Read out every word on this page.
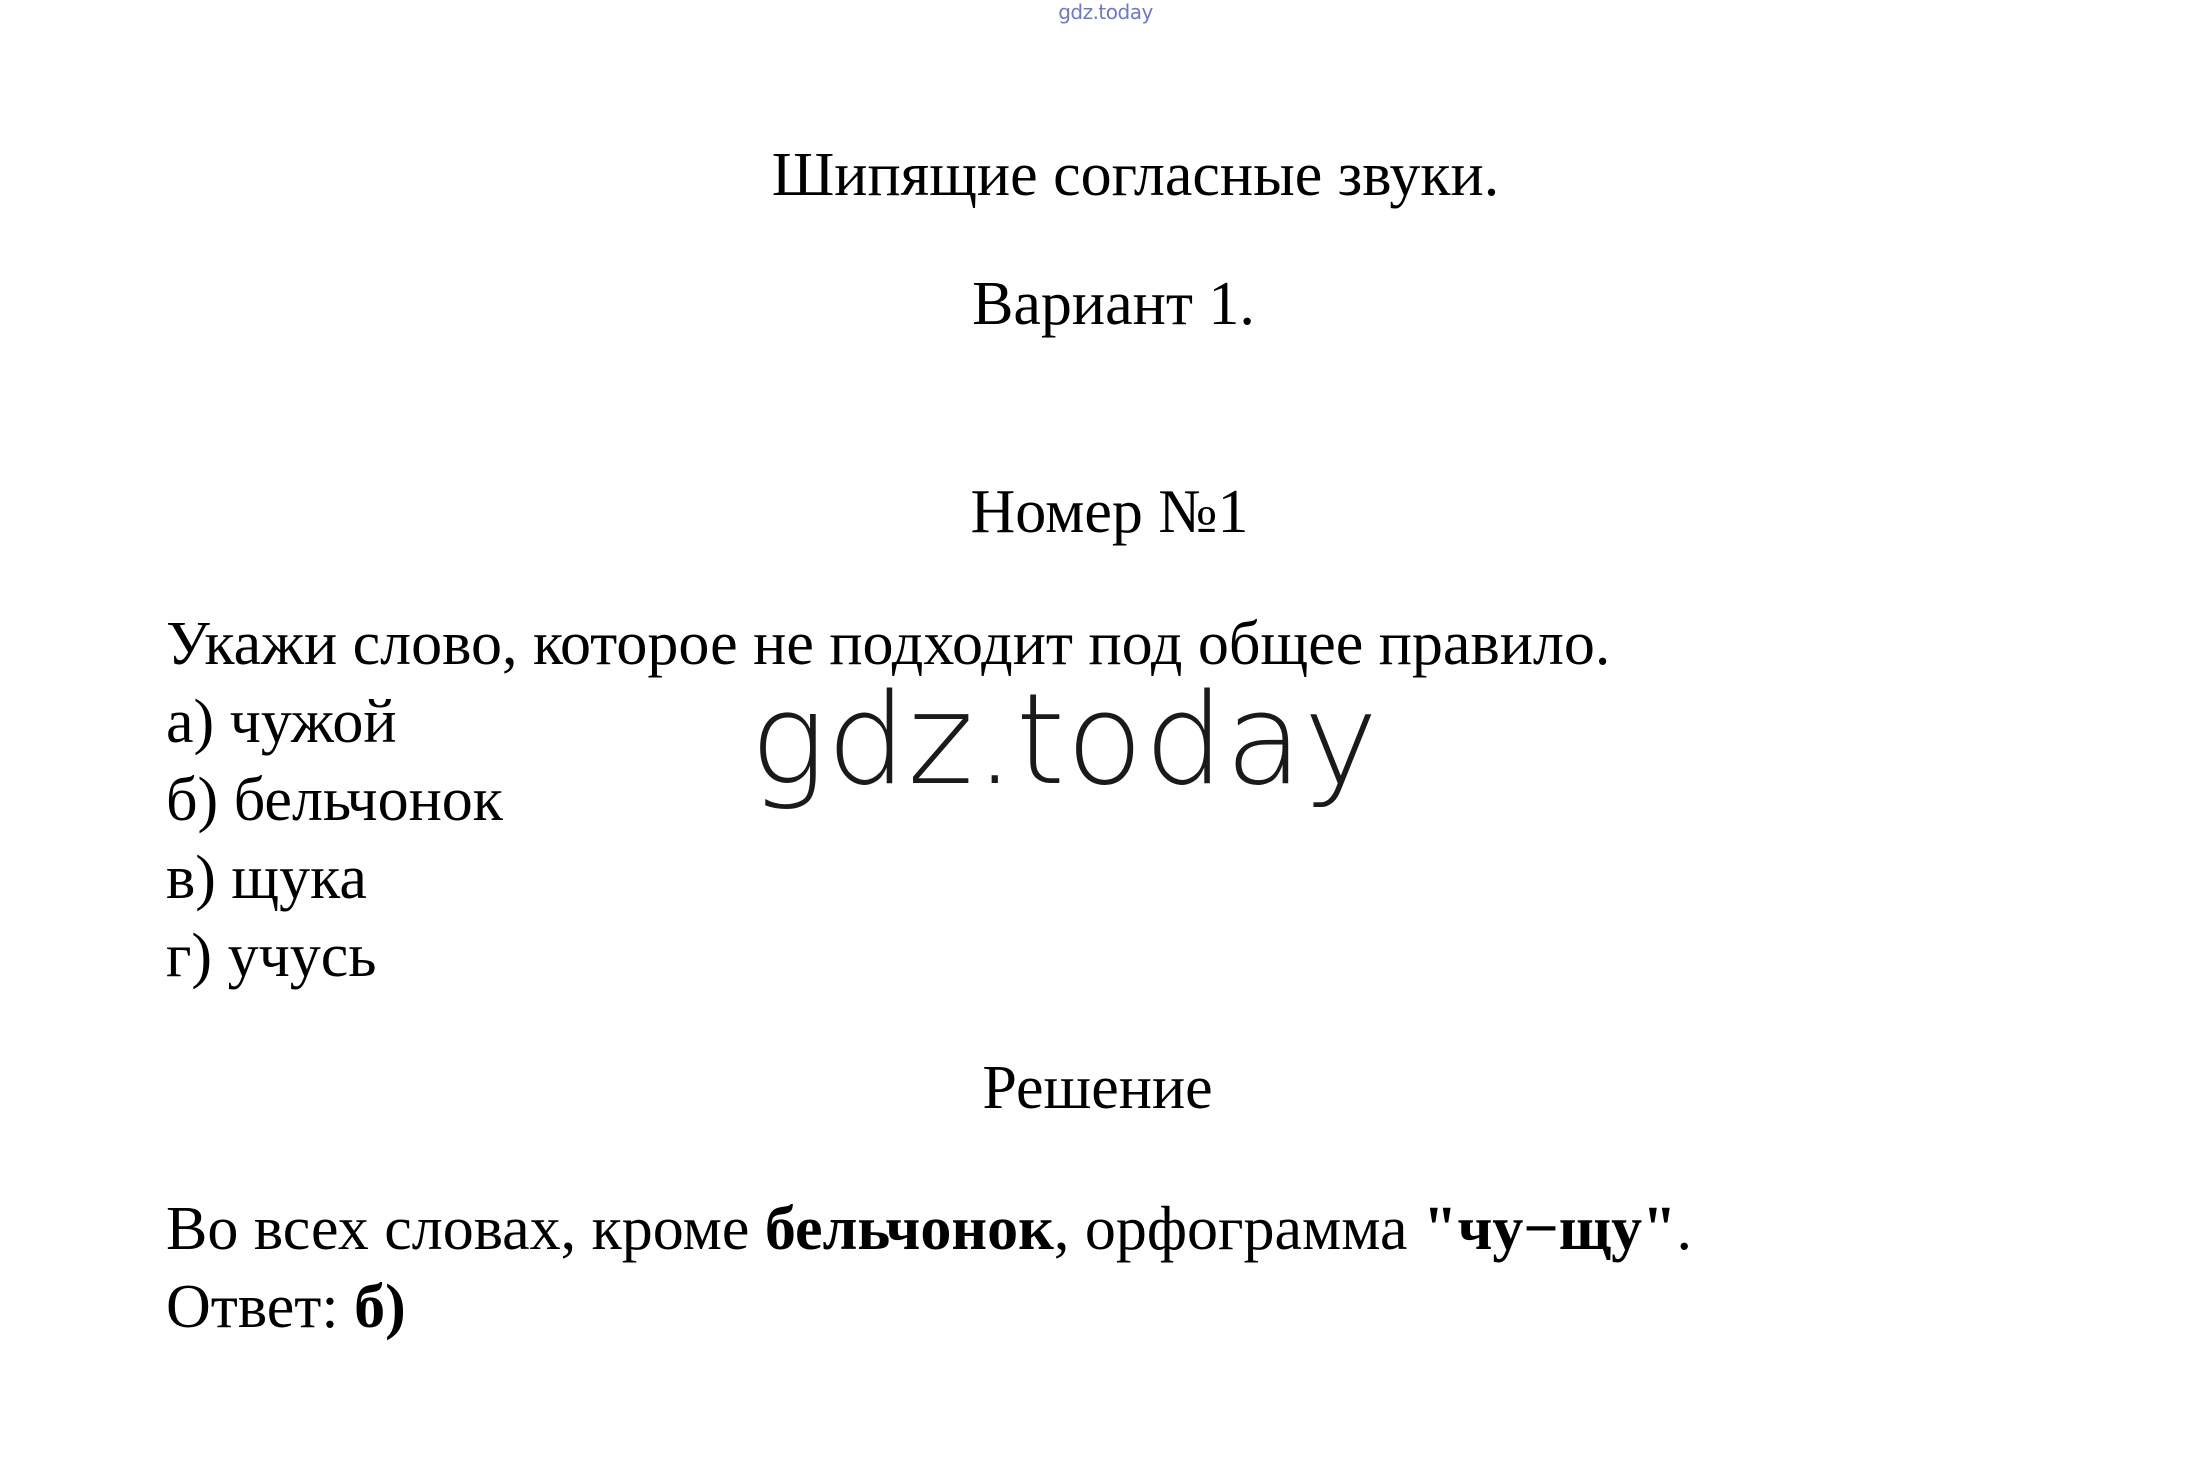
gdz.today
Шипящие согласные звуки.
Вариант 1.
Номер №1
Укажи слово, которое не подходит под общее правило.
а) чужой
б) бельчонок
в) щука
г) учусь
gdz.today
Решение
Во всех словах, кроме бельчонок, орфограмма "чу−щу".
Ответ: б)
